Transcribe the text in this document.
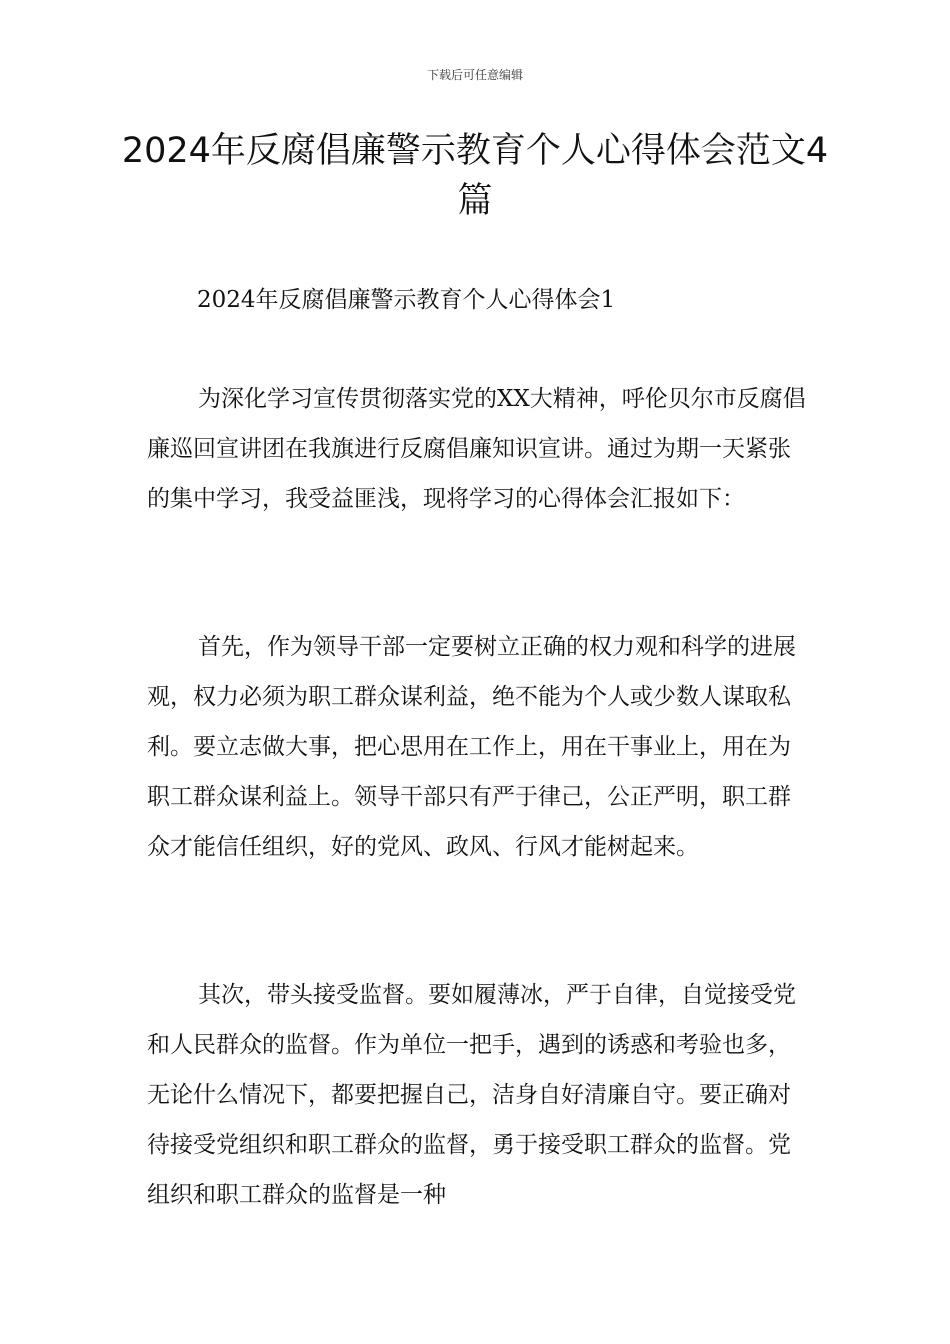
下载后可任意编辑
2024年反腐倡廉警示教育个人心得体会范文4篇
2024年反腐倡廉警示教育个人心得体会1

为深化学习宣传贯彻落实党的XX大精神，呼伦贝尔市反腐倡廉巡回宣讲团在我旗进行反腐倡廉知识宣讲。通过为期一天紧张的集中学习，我受益匪浅，现将学习的心得体会汇报如下：

首先，作为领导干部一定要树立正确的权力观和科学的进展观，权力必须为职工群众谋利益，绝不能为个人或少数人谋取私利。要立志做大事，把心思用在工作上，用在干事业上，用在为职工群众谋利益上。领导干部只有严于律己，公正严明，职工群众才能信任组织，好的党风、政风、行风才能树起来。

其次，带头接受监督。要如履薄冰，严于自律，自觉接受党和人民群众的监督。作为单位一把手，遇到的诱惑和考验也多，无论什么情况下，都要把握自己，洁身自好清廉自守。要正确对待接受党组织和职工群众的监督，勇于接受职工群众的监督。党组织和职工群众的监督是一种
